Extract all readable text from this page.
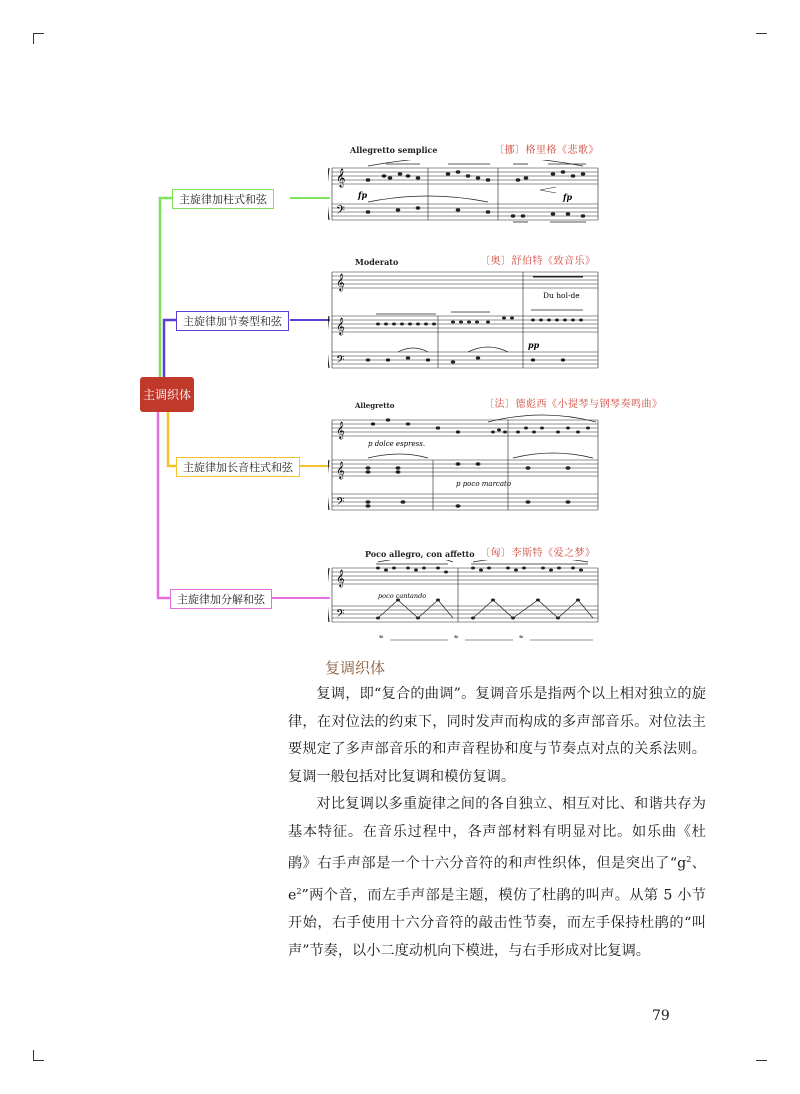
主调织体
主旋律加柱式和弦
主旋律加节奏型和弦
主旋律加长音柱式和弦
主旋律加分解和弦
〔挪〕格里格《悲歌》
Allegretto semplice
〔奥〕舒伯特《致音乐》
Moderato
〔法〕德彪西《小提琴与钢琴奏鸣曲》
Allegretto
〔匈〕李斯特《爱之梦》
Poco allegro, con affetto
𝄞
𝄢
fp	fp
𝄞
𝄞
𝄢
Du hol-de
pp
𝄞
𝄞
𝄢
p dolce espress.
p poco marcato
𝄞
𝄢
poco cantando
𝆮	𝆮	𝆮
复调织体

复调，即“复合的曲调”。复调音乐是指两个以上相对独立的旋律，在对位法的约束下，同时发声而构成的多声部音乐。对位法主要规定了多声部音乐的和声音程协和度与节奏点对点的关系法则。复调一般包括对比复调和模仿复调。

对比复调以多重旋律之间的各自独立、相互对比、和谐共存为基本特征。在音乐过程中，各声部材料有明显对比。如乐曲《杜鹃》右手声部是一个十六分音符的和声性织体，但是突出了“$g^2$、$e^2$”两个音，而左手声部是主题，模仿了杜鹃的叫声。从第 5 小节开始，右手使用十六分音符的敲击性节奏，而左手保持杜鹃的“叫声”节奏，以小二度动机向下模进，与右手形成对比复调。

79
